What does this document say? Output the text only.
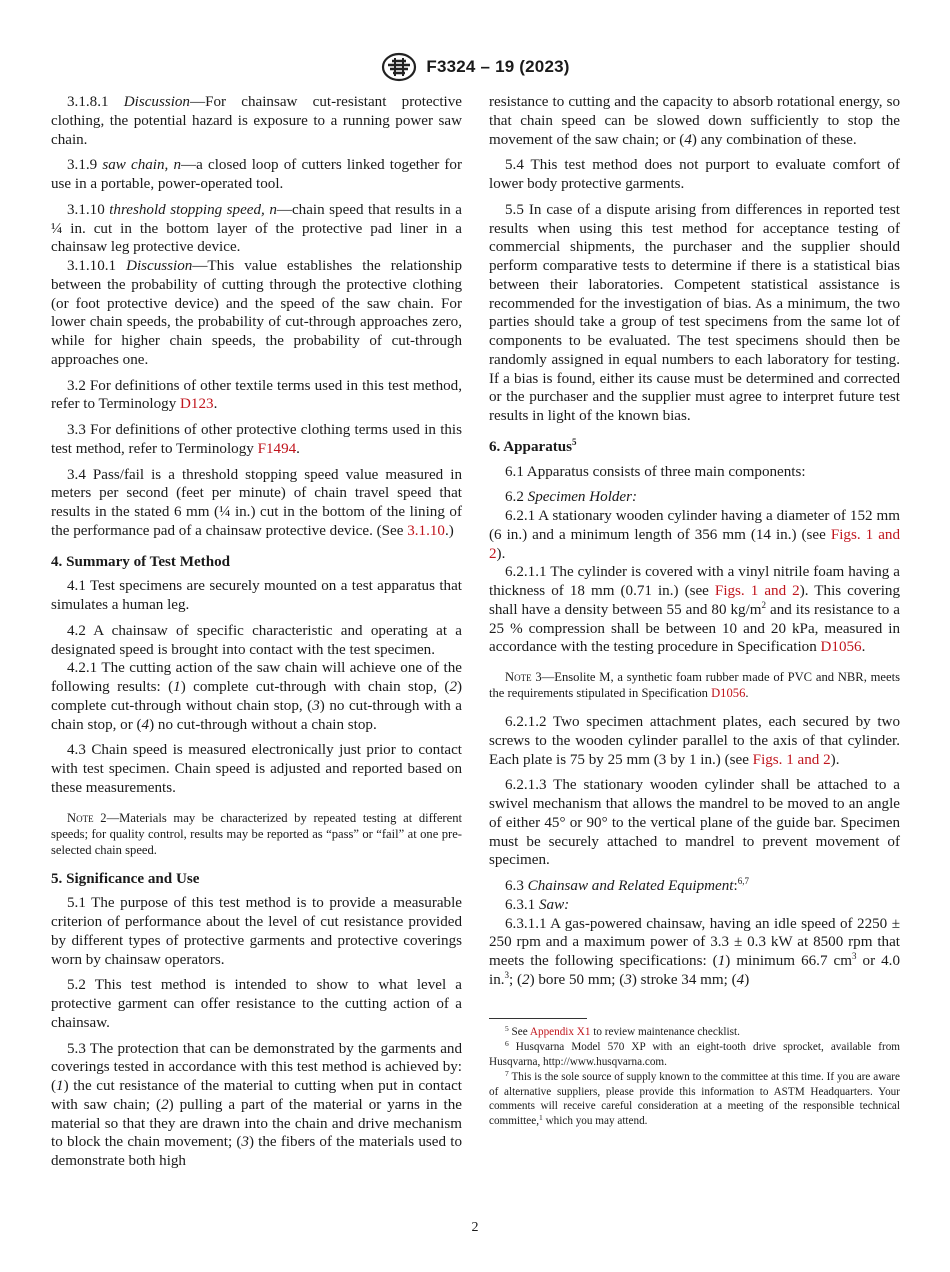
F3324 – 19 (2023)

3.1.8.1 Discussion—For chainsaw cut-resistant protective clothing, the potential hazard is exposure to a running power saw chain.

3.1.9 saw chain, n—a closed loop of cutters linked together for use in a portable, power-operated tool.

3.1.10 threshold stopping speed, n—chain speed that results in a ¼ in. cut in the bottom layer of the protective pad liner in a chainsaw leg protective device.

3.1.10.1 Discussion—This value establishes the relationship between the probability of cutting through the protective clothing (or foot protective device) and the speed of the saw chain. For lower chain speeds, the probability of cut-through approaches zero, while for higher chain speeds, the probability of cut-through approaches one.

3.2 For definitions of other textile terms used in this test method, refer to Terminology D123.

3.3 For definitions of other protective clothing terms used in this test method, refer to Terminology F1494.

3.4 Pass/fail is a threshold stopping speed value measured in meters per second (feet per minute) of chain travel speed that results in the stated 6 mm (¼ in.) cut in the bottom of the lining of the performance pad of a chainsaw protective device. (See 3.1.10.)

4. Summary of Test Method

4.1 Test specimens are securely mounted on a test apparatus that simulates a human leg.

4.2 A chainsaw of specific characteristic and operating at a designated speed is brought into contact with the test specimen.

4.2.1 The cutting action of the saw chain will achieve one of the following results: (1) complete cut-through with chain stop, (2) complete cut-through without chain stop, (3) no cut-through with a chain stop, or (4) no cut-through without a chain stop.

4.3 Chain speed is measured electronically just prior to contact with test specimen. Chain speed is adjusted and reported based on these measurements.

Note 2—Materials may be characterized by repeated testing at different speeds; for quality control, results may be reported as “pass” or “fail” at one pre-selected chain speed.

5. Significance and Use

5.1 The purpose of this test method is to provide a measurable criterion of performance about the level of cut resistance provided by different types of protective garments and protective coverings worn by chainsaw operators.

5.2 This test method is intended to show to what level a protective garment can offer resistance to the cutting action of a chainsaw.

5.3 The protection that can be demonstrated by the garments and coverings tested in accordance with this test method is achieved by: (1) the cut resistance of the material to cutting when put in contact with saw chain; (2) pulling a part of the material or yarns in the material so that they are drawn into the chain and drive mechanism to block the chain movement; (3) the fibers of the materials used to demonstrate both high

resistance to cutting and the capacity to absorb rotational energy, so that chain speed can be slowed down sufficiently to stop the movement of the saw chain; or (4) any combination of these.

5.4 This test method does not purport to evaluate comfort of lower body protective garments.

5.5 In case of a dispute arising from differences in reported test results when using this test method for acceptance testing of commercial shipments, the purchaser and the supplier should perform comparative tests to determine if there is a statistical bias between their laboratories. Competent statistical assistance is recommended for the investigation of bias. As a minimum, the two parties should take a group of test specimens from the same lot of components to be evaluated. The test specimens should then be randomly assigned in equal numbers to each laboratory for testing. If a bias is found, either its cause must be determined and corrected or the purchaser and the supplier must agree to interpret future test results in light of the known bias.

6. Apparatus$^5$

6.1 Apparatus consists of three main components:

6.2 Specimen Holder:

6.2.1 A stationary wooden cylinder having a diameter of 152 mm (6 in.) and a minimum length of 356 mm (14 in.) (see Figs. 1 and 2).

6.2.1.1 The cylinder is covered with a vinyl nitrile foam having a thickness of 18 mm (0.71 in.) (see Figs. 1 and 2). This covering shall have a density between 55 and 80 $kg/m^2$ and its resistance to a 25 % compression shall be between 10 and 20 kPa, measured in accordance with the testing procedure in Specification D1056.

Note 3—Ensolite M, a synthetic foam rubber made of PVC and NBR, meets the requirements stipulated in Specification D1056.

6.2.1.2 Two specimen attachment plates, each secured by two screws to the wooden cylinder parallel to the axis of that cylinder. Each plate is 75 by 25 mm (3 by 1 in.) (see Figs. 1 and 2).

6.2.1.3 The stationary wooden cylinder shall be attached to a swivel mechanism that allows the mandrel to be moved to an angle of either 45° or 90° to the vertical plane of the guide bar. Specimen must be securely attached to mandrel to prevent movement of specimen.

6.3 Chainsaw and Related Equipment:$^{6,7}$

6.3.1 Saw:

6.3.1.1 A gas-powered chainsaw, having an idle speed of 2250 ± 250 rpm and a maximum power of 3.3 ± 0.3 kW at 8500 rpm that meets the following specifications: (1) minimum 66.7 $cm^3$ or 4.0 in.$^3$; (2) bore 50 mm; (3) stroke 34 mm; (4)

$^5$ See Appendix X1 to review maintenance checklist.

$^6$ Husqvarna Model 570 XP with an eight-tooth drive sprocket, available from Husqvarna, http://www.husqvarna.com.

$^7$ This is the sole source of supply known to the committee at this time. If you are aware of alternative suppliers, please provide this information to ASTM Headquarters. Your comments will receive careful consideration at a meeting of the responsible technical committee,$^1$ which you may attend.

2
